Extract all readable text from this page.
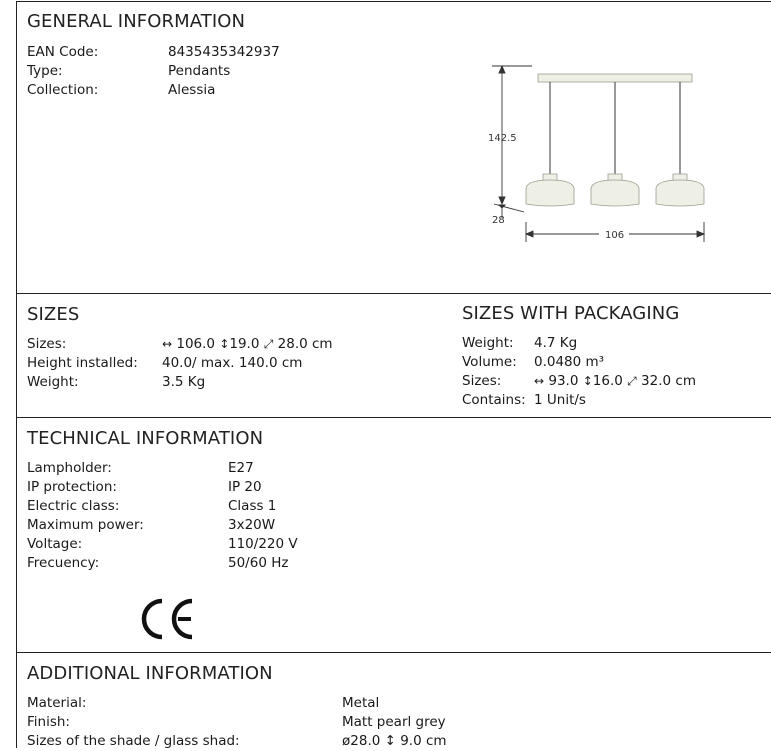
GENERAL INFORMATION
EAN Code:	8435435342937
Type:	Pendants
Collection:	Alessia
142.5
28
106
SIZES
Sizes:	↔ 106.0 ↕19.0 ⤢ 28.0 cm
Height installed: 40.0/ max. 140.0 cm
Weight:	3.5 Kg
SIZES WITH PACKAGING
Weight: 4.7 Kg
Volume: 0.0480 m³
Sizes:	↔ 93.0 ↕16.0 ⤢ 32.0 cm
Contains: 1 Unit/s
TECHNICAL INFORMATION
Lampholder:	E27
IP protection:	IP 20
Electric class:	Class 1
Maximum power:	3x20W
Voltage:	110/220 V
Frecuency:	50/60 Hz
ADDITIONAL INFORMATION
Material:	Metal
Finish:	Matt pearl grey
Sizes of the shade / glass shad:	ø28.0 ↕ 9.0 cm
